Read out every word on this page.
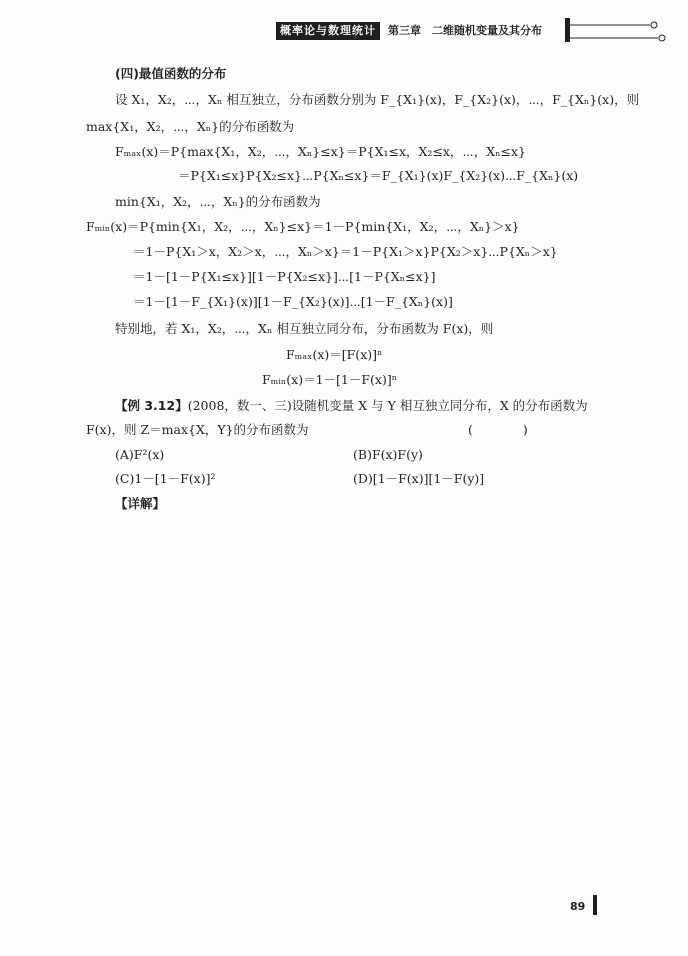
概率论与数理统计	第三章　二维随机变量及其分布
(四)最值函数的分布
设 X₁，X₂，⋯，Xₙ 相互独立，分布函数分别为 F_{X₁}(x)，F_{X₂}(x)，⋯，F_{Xₙ}(x)，则
max{X₁，X₂，⋯，Xₙ}的分布函数为
Fₘₐₓ(x)＝P{max{X₁，X₂，⋯，Xₙ}≤x}＝P{X₁≤x，X₂≤x，⋯，Xₙ≤x}
＝P{X₁≤x}P{X₂≤x}⋯P{Xₙ≤x}＝F_{X₁}(x)F_{X₂}(x)⋯F_{Xₙ}(x)
min{X₁，X₂，⋯，Xₙ}的分布函数为
Fₘᵢₙ(x)＝P{min{X₁，X₂，⋯，Xₙ}≤x}＝1－P{min{X₁，X₂，⋯，Xₙ}＞x}
＝1－P{X₁＞x，X₂＞x，⋯，Xₙ＞x}＝1－P{X₁＞x}P{X₂＞x}⋯P{Xₙ＞x}
＝1－[1－P{X₁≤x}][1－P{X₂≤x}]⋯[1－P{Xₙ≤x}]
＝1－[1－F_{X₁}(x)][1－F_{X₂}(x)]⋯[1－F_{Xₙ}(x)]
特别地，若 X₁，X₂，⋯，Xₙ 相互独立同分布，分布函数为 F(x)，则
Fₘₐₓ(x)＝[F(x)]ⁿ
Fₘᵢₙ(x)＝1－[1－F(x)]ⁿ
【例 3.12】(2008，数一、三)设随机变量 X 与 Y 相互独立同分布，X 的分布函数为
F(x)，则 Z＝max{X，Y}的分布函数为	(　　　　)
(A)F²(x)	(B)F(x)F(y)
(C)1－[1－F(x)]²	(D)[1－F(x)][1－F(y)]
【详解】
89
